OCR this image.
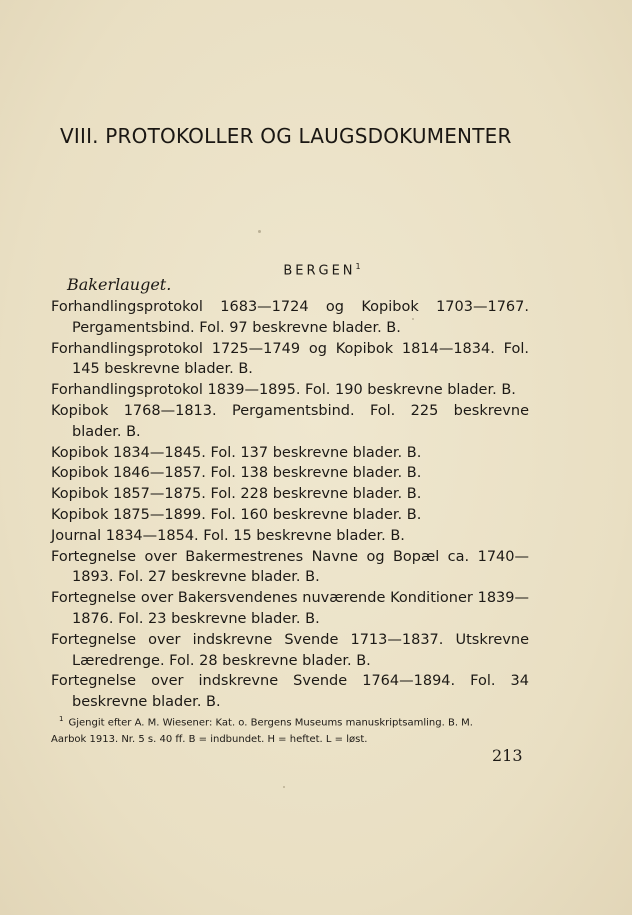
VIII. PROTOKOLLER OG LAUGSDOKUMENTER
BERGEN$^1$
Bakerlauget.

Forhandlingsprotokol 1683—1724 og Kopibok 1703—1767. Pergamentsbind. Fol. 97 beskrevne blader. B.

Forhandlingsprotokol 1725—1749 og Kopibok 1814—1834. Fol. 145 beskrevne blader. B.

Forhandlingsprotokol 1839—1895. Fol. 190 beskrevne blader. B.

Kopibok 1768—1813. Pergamentsbind. Fol. 225 beskrevne blader. B.

Kopibok 1834—1845. Fol. 137 beskrevne blader. B.

Kopibok 1846—1857. Fol. 138 beskrevne blader. B.

Kopibok 1857—1875. Fol. 228 beskrevne blader. B.

Kopibok 1875—1899. Fol. 160 beskrevne blader. B.

Journal 1834—1854. Fol. 15 beskrevne blader. B.

Fortegnelse over Bakermestrenes Navne og Bopæl ca. 1740—1893. Fol. 27 beskrevne blader. B.

Fortegnelse over Bakersvendenes nuværende Konditioner 1839—1876. Fol. 23 beskrevne blader. B.

Fortegnelse over indskrevne Svende 1713—1837. Utskrevne Læredrenge. Fol. 28 beskrevne blader. B.

Fortegnelse over indskrevne Svende 1764—1894. Fol. 34 beskrevne blader. B.

$^1$ Gjengit efter A. M. Wiesener: Kat. o. Bergens Museums manuskriptsamling. B. M.
Aarbok 1913. Nr. 5 s. 40 ff. B = indbundet. H = heftet. L = løst.
213
